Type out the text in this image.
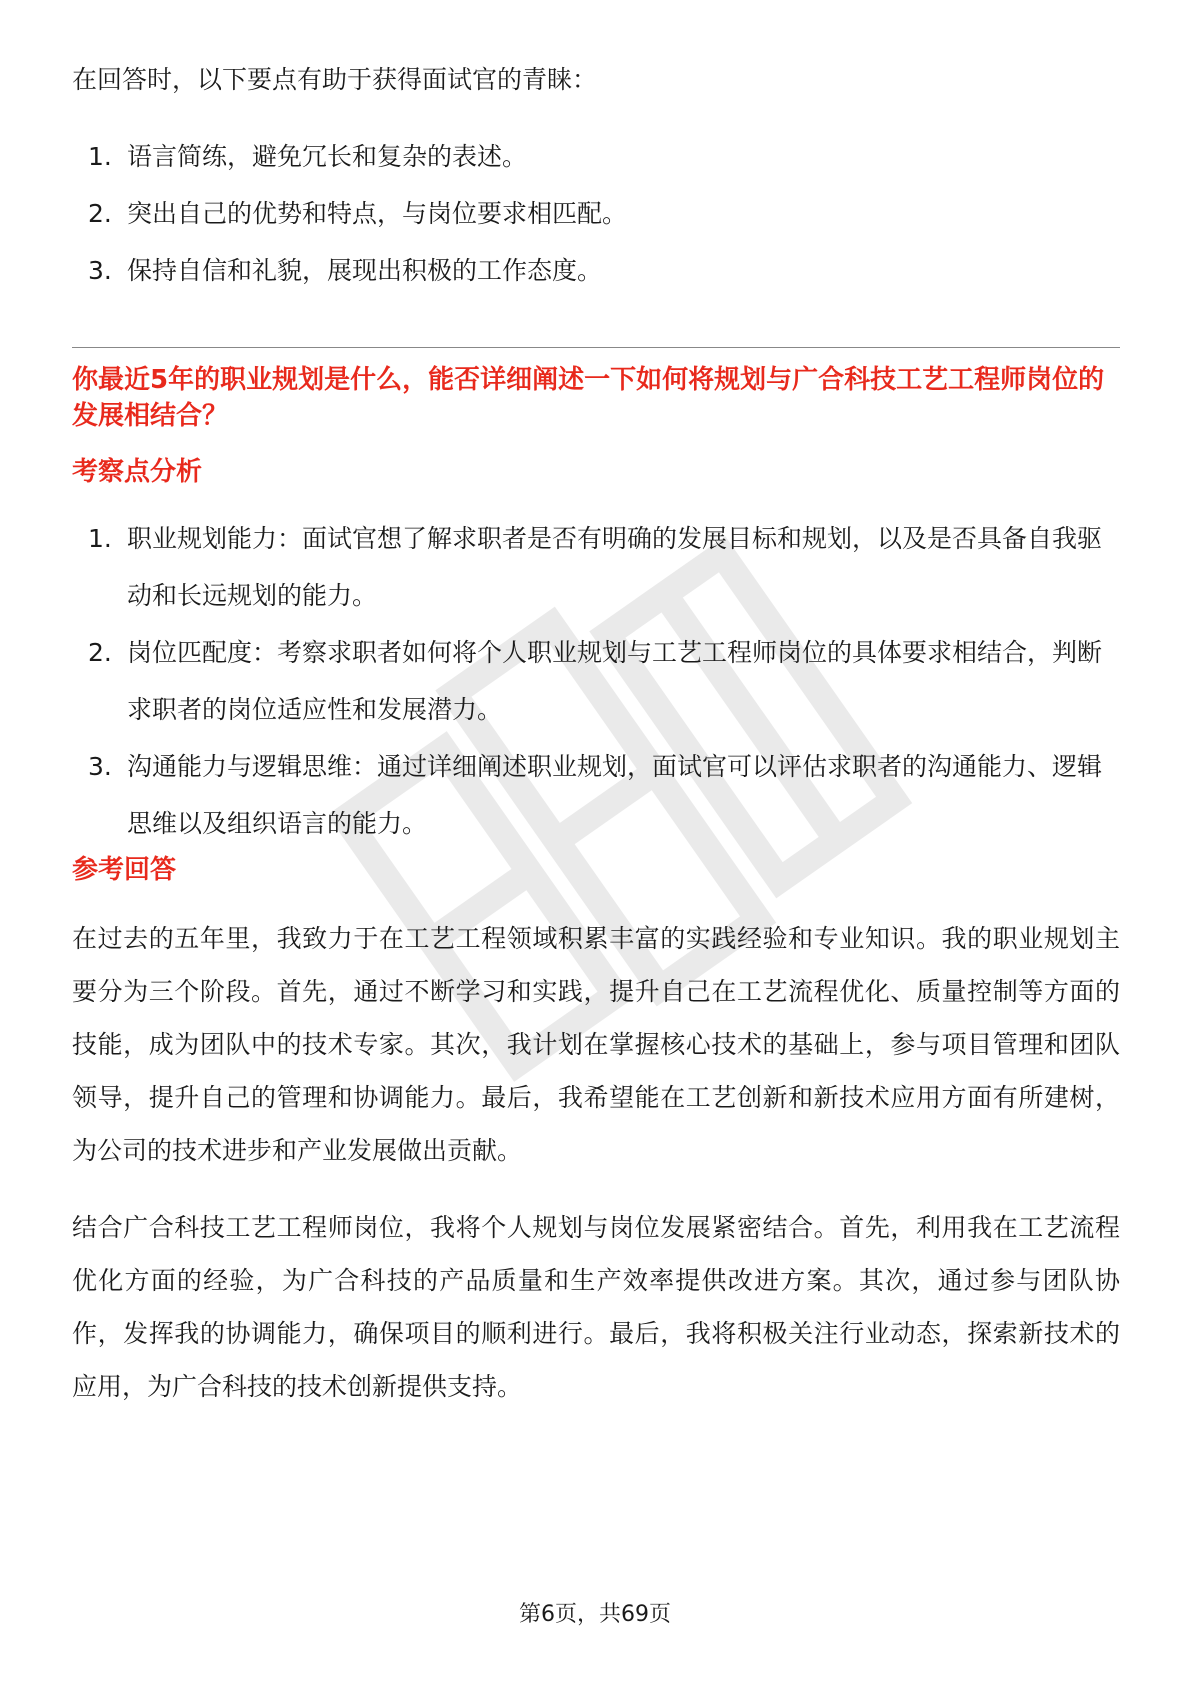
在回答时，以下要点有助于获得面试官的青睐：

1. 语言简练，避免冗长和复杂的表述。
2. 突出自己的优势和特点，与岗位要求相匹配。
3. 保持自信和礼貌，展现出积极的工作态度。

你最近5年的职业规划是什么，能否详细阐述一下如何将规划与广合科技工艺工程师岗位的发展相结合？

考察点分析

1. 职业规划能力：面试官想了解求职者是否有明确的发展目标和规划，以及是否具备自我驱动和长远规划的能力。
2. 岗位匹配度：考察求职者如何将个人职业规划与工艺工程师岗位的具体要求相结合，判断求职者的岗位适应性和发展潜力。
3. 沟通能力与逻辑思维：通过详细阐述职业规划，面试官可以评估求职者的沟通能力、逻辑思维以及组织语言的能力。

参考回答

在过去的五年里，我致力于在工艺工程领域积累丰富的实践经验和专业知识。我的职业规划主要分为三个阶段。首先，通过不断学习和实践，提升自己在工艺流程优化、质量控制等方面的技能，成为团队中的技术专家。其次，我计划在掌握核心技术的基础上，参与项目管理和团队领导，提升自己的管理和协调能力。最后，我希望能在工艺创新和新技术应用方面有所建树，为公司的技术进步和产业发展做出贡献。

结合广合科技工艺工程师岗位，我将个人规划与岗位发展紧密结合。首先，利用我在工艺流程优化方面的经验，为广合科技的产品质量和生产效率提供改进方案。其次，通过参与团队协作，发挥我的协调能力，确保项目的顺利进行。最后，我将积极关注行业动态，探索新技术的应用，为广合科技的技术创新提供支持。

第6页，共69页
